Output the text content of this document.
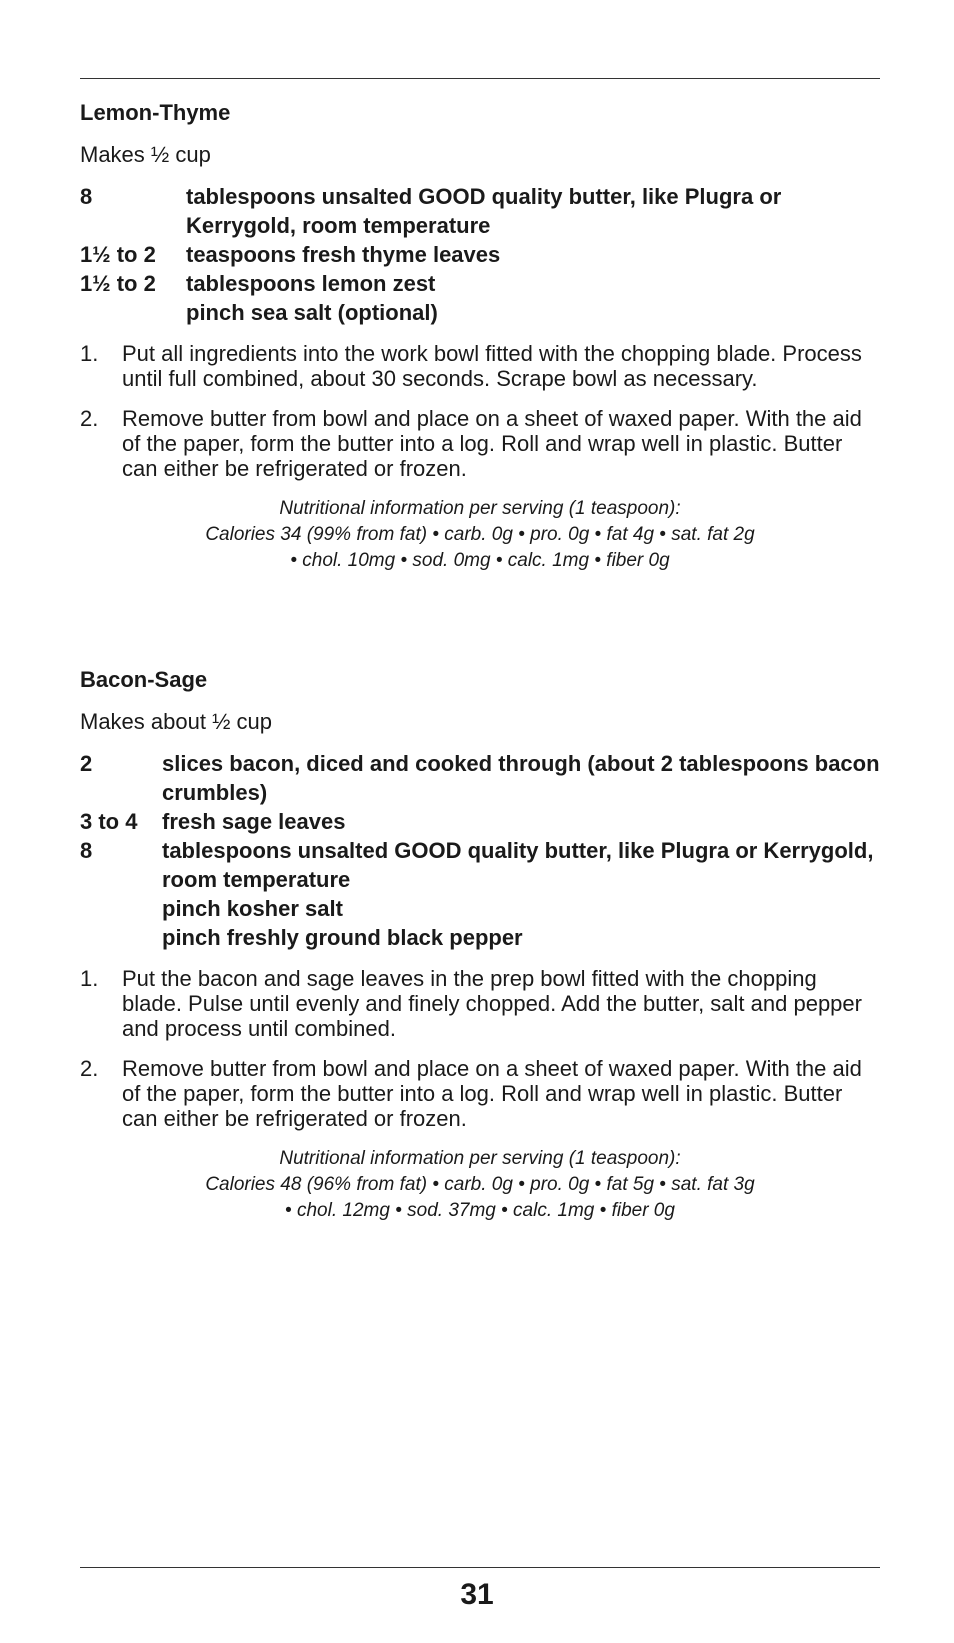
Lemon-Thyme
Makes ½ cup
8	tablespoons unsalted GOOD quality butter, like Plugra or Kerrygold, room temperature
1½ to 2	teaspoons fresh thyme leaves
1½ to 2	tablespoons lemon zest
pinch sea salt (optional)
1.	Put all ingredients into the work bowl fitted with the chopping blade. Process until full combined, about 30 seconds. Scrape bowl as necessary.
2.	Remove butter from bowl and place on a sheet of waxed paper. With the aid of the paper, form the butter into a log. Roll and wrap well in plastic. Butter can either be refrigerated or frozen.
Nutritional information per serving (1 teaspoon):
Calories 34 (99% from fat) • carb. 0g • pro. 0g • fat 4g • sat. fat 2g
• chol. 10mg • sod. 0mg • calc. 1mg • fiber 0g
Bacon-Sage
Makes about ½ cup
2	slices bacon, diced and cooked through (about 2 tablespoons bacon crumbles)
3 to 4	fresh sage leaves
8	tablespoons unsalted GOOD quality butter, like Plugra or Kerrygold, room temperature
pinch kosher salt
pinch freshly ground black pepper
1.	Put the bacon and sage leaves in the prep bowl fitted with the chopping blade. Pulse until evenly and finely chopped. Add the butter, salt and pepper and process until combined.
2.	Remove butter from bowl and place on a sheet of waxed paper. With the aid of the paper, form the butter into a log. Roll and wrap well in plastic. Butter can either be refrigerated or frozen.
Nutritional information per serving (1 teaspoon):
Calories 48 (96% from fat) • carb. 0g • pro. 0g • fat 5g • sat. fat 3g
• chol. 12mg • sod. 37mg • calc. 1mg • fiber 0g
31
